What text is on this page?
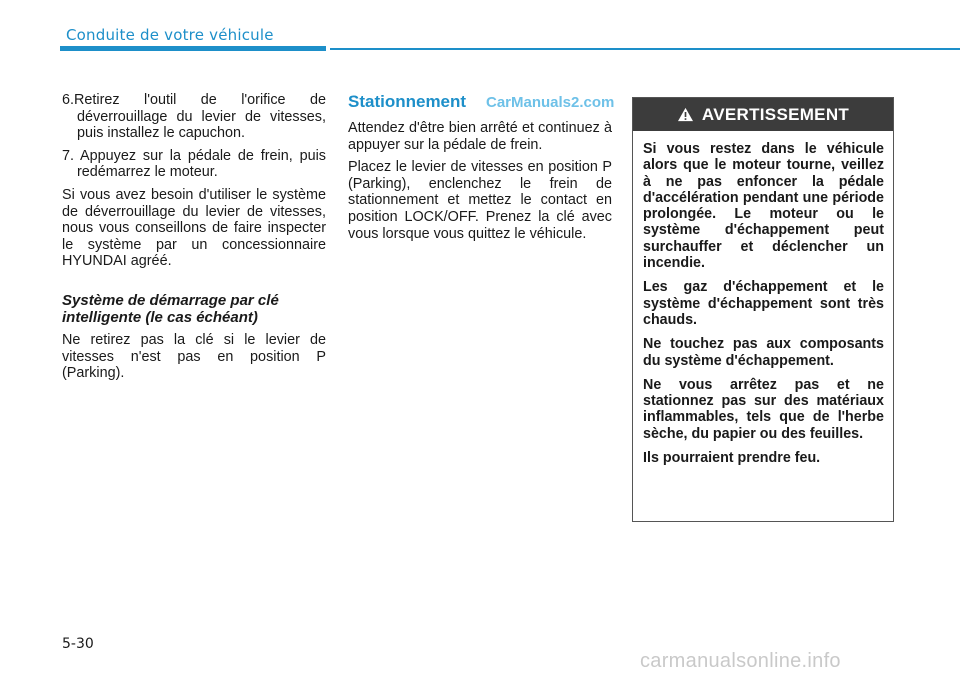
Conduite de votre véhicule

6.Retirez l'outil de l'orifice de déverrouillage du levier de vitesses, puis installez le capuchon.

7. Appuyez sur la pédale de frein, puis redémarrez le moteur.

Si vous avez besoin d'utiliser le système de déverrouillage du levier de vitesses, nous vous conseillons de faire inspecter le système par un concessionnaire HYUNDAI agréé.

Système de démarrage par clé intelligente (le cas échéant)

Ne retirez pas la clé si le levier de vitesses n'est pas en position P (Parking).

Stationnement

Attendez d'être bien arrêté et continuez à appuyer sur la pédale de frein.

Placez le levier de vitesses en position P (Parking), enclenchez le frein de stationnement et mettez le contact en position LOCK/OFF. Prenez la clé avec vous lorsque vous quittez le véhicule.

CarManuals2.com
AVERTISSEMENT

Si vous restez dans le véhicule alors que le moteur tourne, veillez à ne pas enfoncer la pédale d'accélération pendant une période prolongée. Le moteur ou le système d'échappement peut surchauffer et déclencher un incendie.

Les gaz d'échappement et le système d'échappement sont très chauds.

Ne touchez pas aux composants du système d'échappement.

Ne vous arrêtez pas et ne stationnez pas sur des matériaux inflammables, tels que de l'herbe sèche, du papier ou des feuilles.

Ils pourraient prendre feu.

5-30
carmanualsonline.info
